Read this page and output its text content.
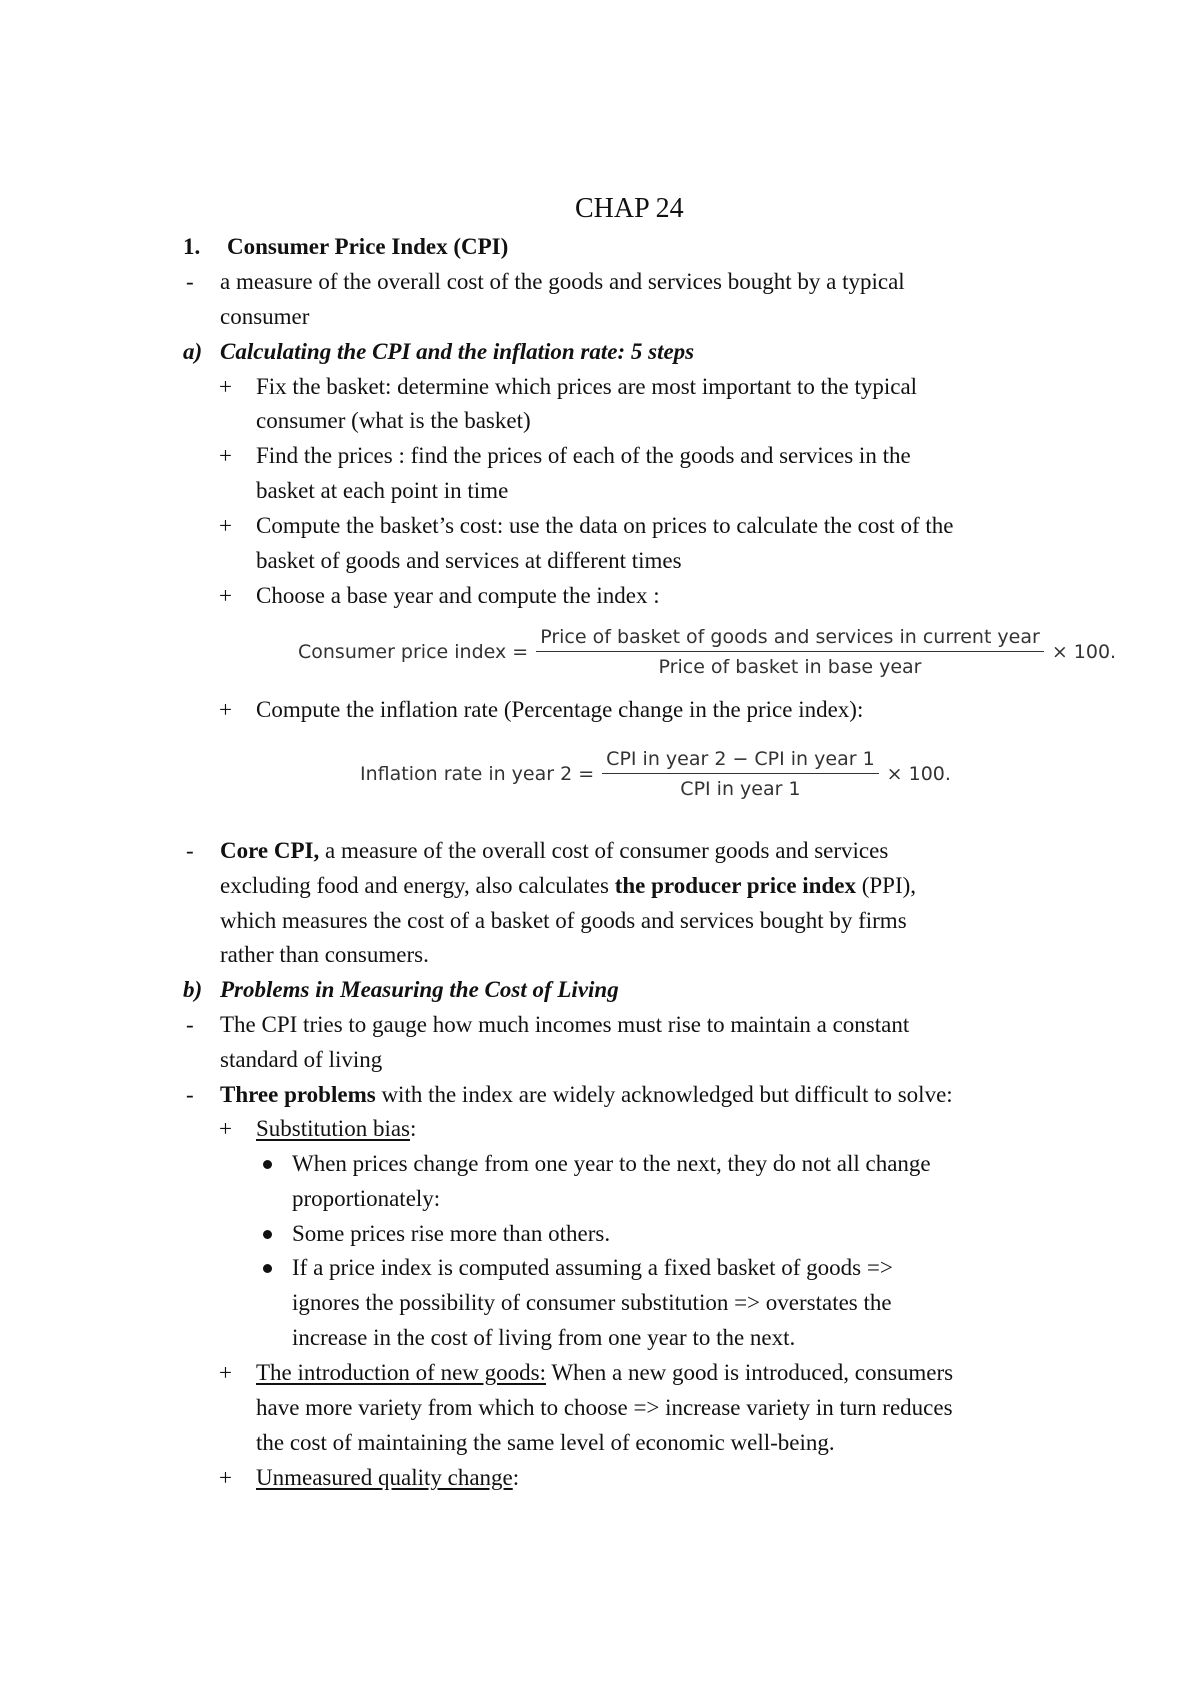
CHAP 24
1. Consumer Price Index (CPI)
- a measure of the overall cost of the goods and services bought by a typical
consumer
a) Calculating the CPI and the inflation rate: 5 steps
+ Fix the basket: determine which prices are most important to the typical
consumer (what is the basket)
+ Find the prices : find the prices of each of the goods and services in the
basket at each point in time
+ Compute the basket’s cost: use the data on prices to calculate the cost of the
basket of goods and services at different times
+ Choose a base year and compute the index :
Consumer price index = $\frac{\text{Price of basket of goods and services in current year}}{\text{Price of basket in base year}} \times 100$.
+ Compute the inflation rate (Percentage change in the price index):
Inflation rate in year $2 = \frac{\text{CPI in year 2 − CPI in year 1}}{\text{CPI in year 1}} \times 100$.
- Core CPI, a measure of the overall cost of consumer goods and services
excluding food and energy, also calculates the producer price index (PPI),
which measures the cost of a basket of goods and services bought by firms
rather than consumers.
b) Problems in Measuring the Cost of Living
- The CPI tries to gauge how much incomes must rise to maintain a constant
standard of living
- Three problems with the index are widely acknowledged but difficult to solve:
+ Substitution bias:
When prices change from one year to the next, they do not all change
proportionately:
Some prices rise more than others.
If a price index is computed assuming a fixed basket of goods =>
ignores the possibility of consumer substitution => overstates the
increase in the cost of living from one year to the next.
+ The introduction of new goods: When a new good is introduced, consumers
have more variety from which to choose => increase variety in turn reduces
the cost of maintaining the same level of economic well-being.
+ Unmeasured quality change:
